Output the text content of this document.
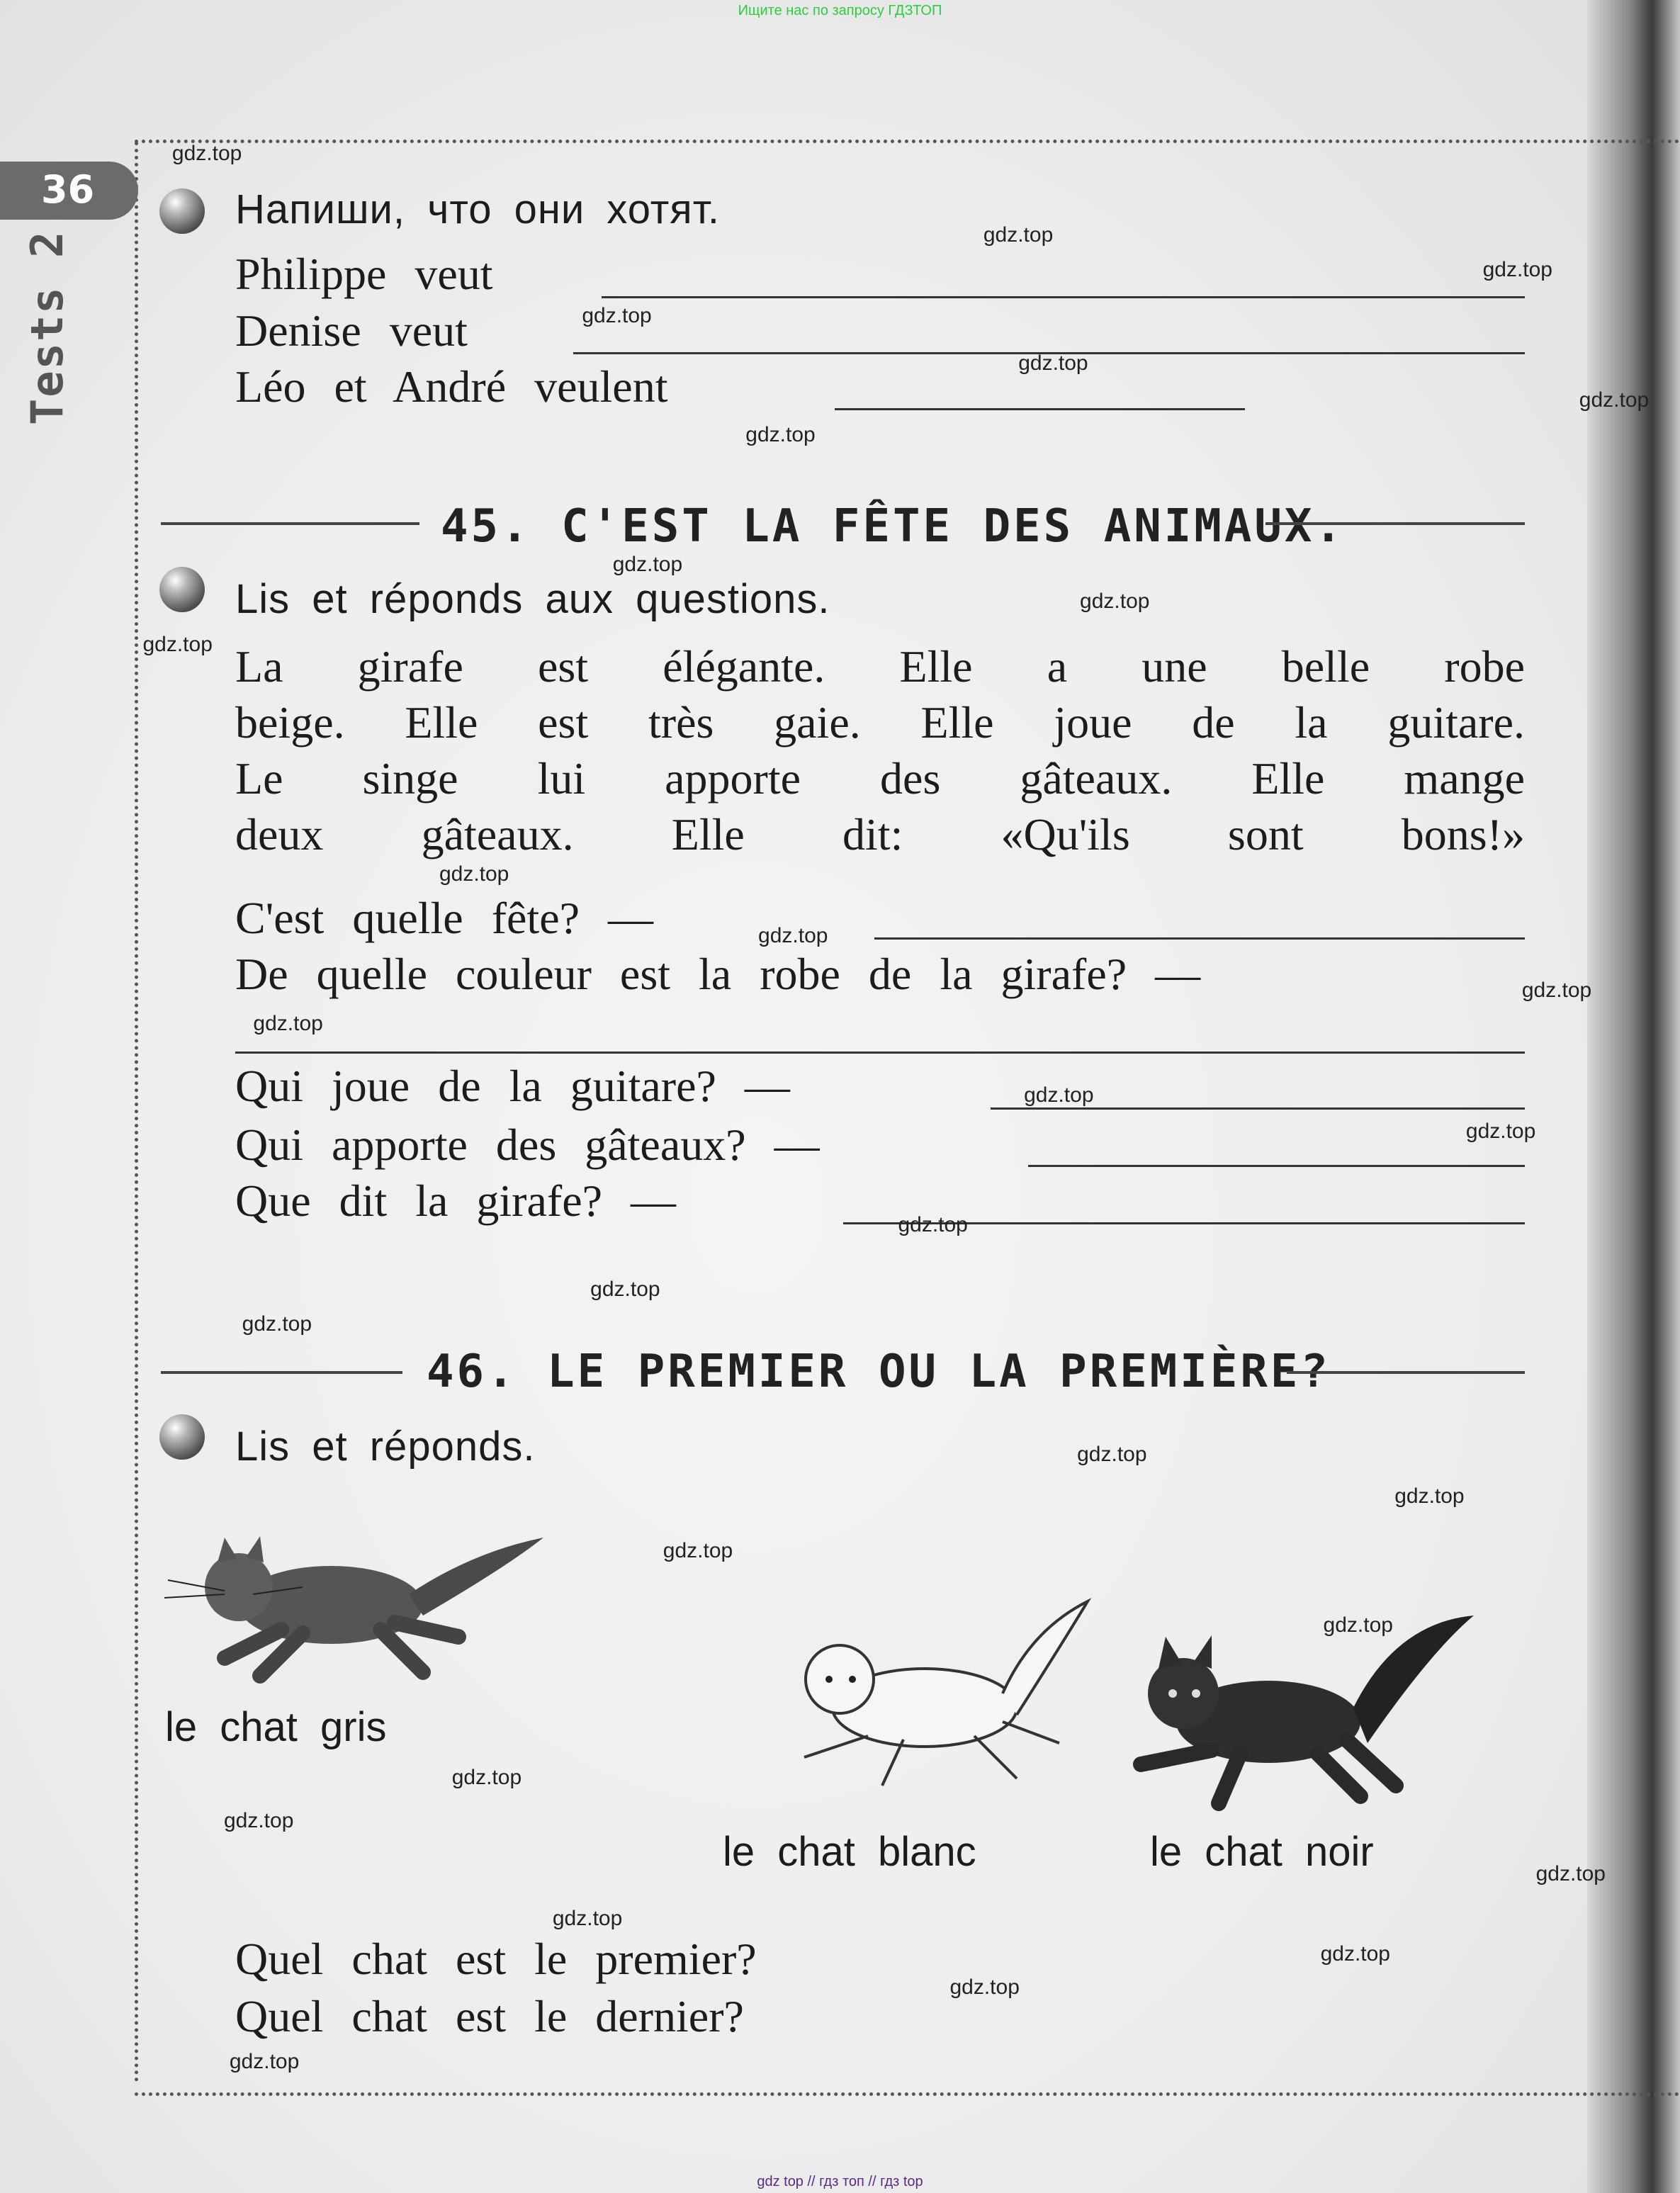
Ищите нас по запросу ГДЗТОП
gdz top // гдз топ // гдз top
36
Tests 2
Напиши, что они хотят.
Philippe veut
Denise veut
Léo et André veulent
45. C'EST LA FÊTE DES ANIMAUX.
Lis et réponds aux questions.
La girafe est élégante. Elle a une belle robe
beige. Elle est très gaie. Elle joue de la guitare.
Le singe lui apporte des gâteaux. Elle mange
deux gâteaux. Elle dit: «Qu'ils sont bons!»
C'est quelle fête? —
De quelle couleur est la robe de la girafe? —
Qui joue de la guitare? —
Qui apporte des gâteaux? —
Que dit la girafe? —
46. LE PREMIER OU LA PREMIÈRE?
Lis et réponds.
le chat gris
le chat blanc	le chat noir
Quel chat est le premier?
Quel chat est le dernier?
gdz.top
gdz.top
gdz.top
gdz.top
gdz.top
gdz.top
gdz.top
gdz.top
gdz.top
gdz.top
gdz.top
gdz.top
gdz.top
gdz.top
gdz.top
gdz.top
gdz.top
gdz.top
gdz.top
gdz.top
gdz.top
gdz.top
gdz.top
gdz.top
gdz.top
gdz.top
gdz.top
gdz.top
gdz.top
gdz.top
